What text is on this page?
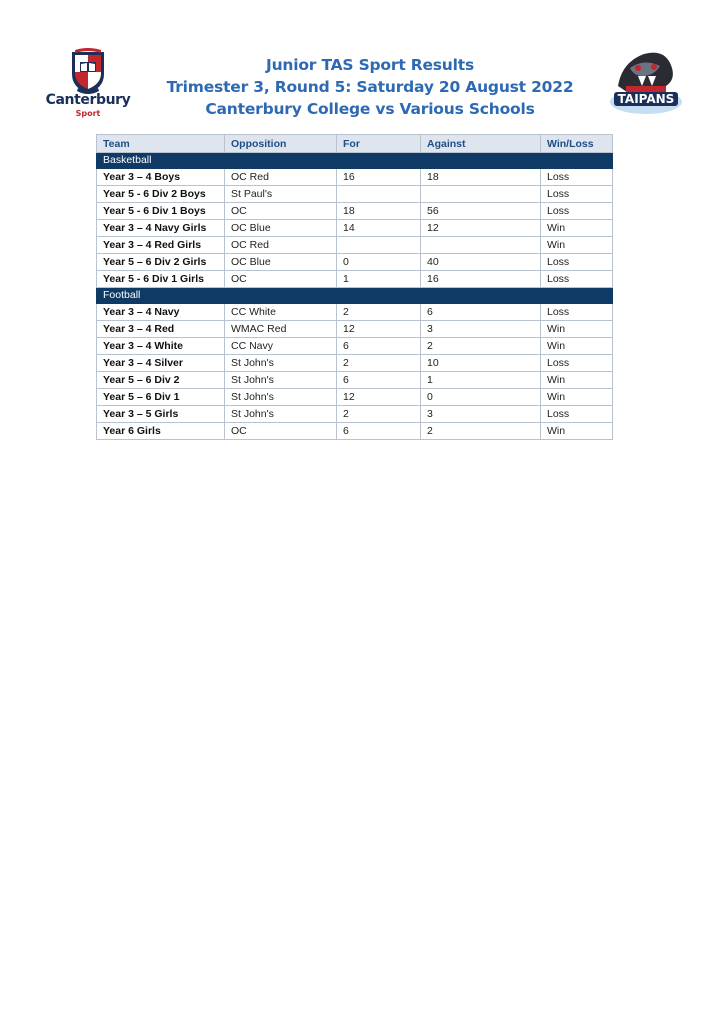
Canterbury
Sport
TAIPANS
Junior TAS Sport Results
Trimester 3, Round 5: Saturday 20 August 2022
Canterbury College vs Various Schools
Team	Opposition	For	Against	Win/Loss
Basketball				
Year 3 – 4 Boys	OC Red	16	18	Loss
Year 5 - 6 Div 2 Boys	St Paul's			Loss
Year 5 - 6 Div 1 Boys	OC	18	56	Loss
Year 3 – 4 Navy Girls	OC Blue	14	12	Win
Year 3 – 4 Red Girls	OC Red			Win
Year 5 – 6 Div 2 Girls	OC Blue	0	40	Loss
Year 5 - 6 Div 1 Girls	OC	1	16	Loss
Football				
Year 3 – 4 Navy	CC White	2	6	Loss
Year 3 – 4 Red	WMAC Red	12	3	Win
Year 3 – 4 White	CC Navy	6	2	Win
Year 3 – 4 Silver	St John's	2	10	Loss
Year 5 – 6 Div 2	St John's	6	1	Win
Year 5 – 6 Div 1	St John's	12	0	Win
Year 3 – 5 Girls	St John's	2	3	Loss
Year 6 Girls	OC	6	2	Win
